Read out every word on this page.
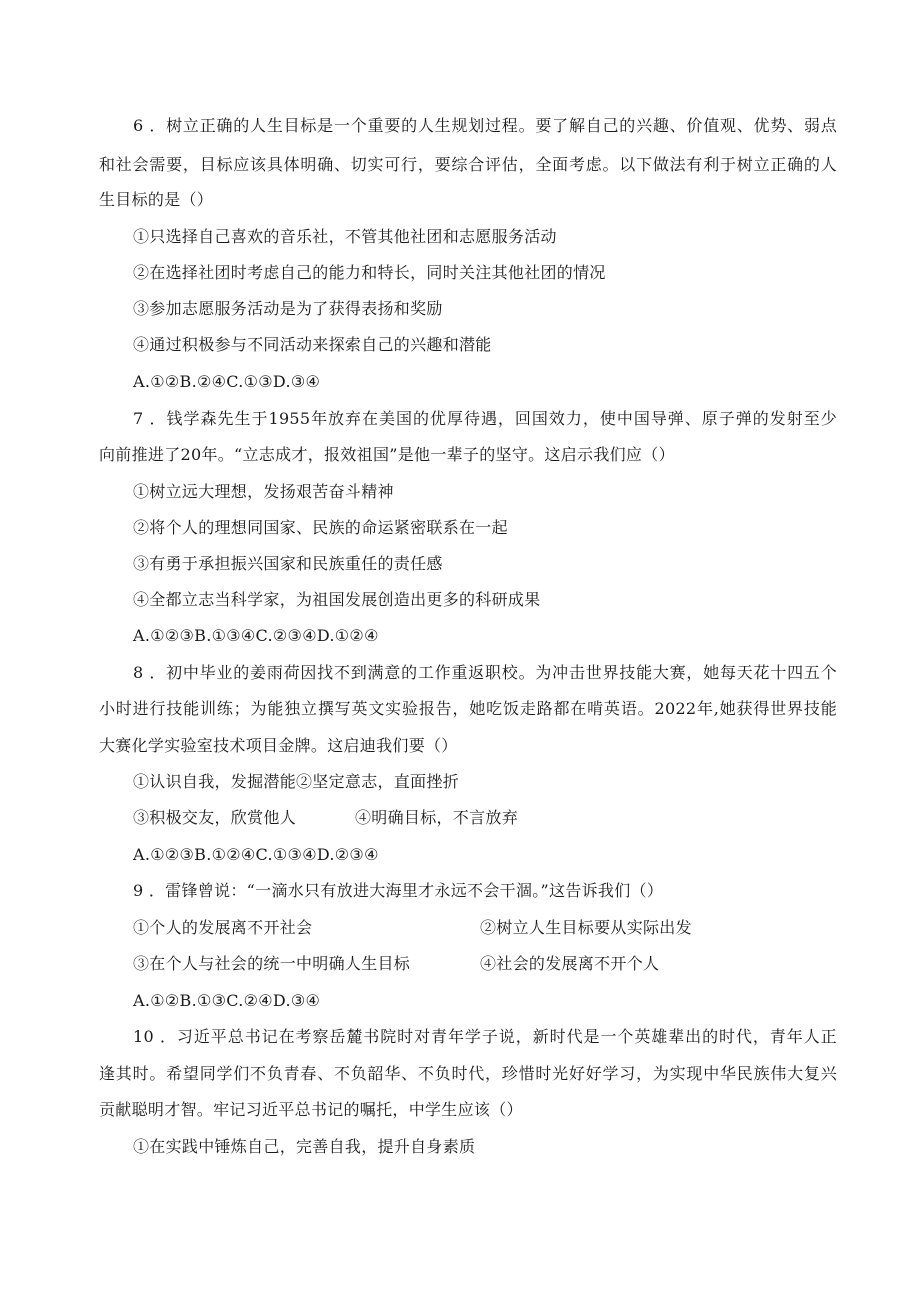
6 ．树立正确的人生目标是一个重要的人生规划过程。要了解自己的兴趣、价值观、优势、弱点
和社会需要，目标应该具体明确、切实可行，要综合评估，全面考虑。以下做法有利于树立正确的人
生目标的是（）
①只选择自己喜欢的音乐社，不管其他社团和志愿服务活动
②在选择社团时考虑自己的能力和特长，同时关注其他社团的情况
③参加志愿服务活动是为了获得表扬和奖励
④通过积极参与不同活动来探索自己的兴趣和潜能
A.①②B.②④C.①③D.③④
7 ．钱学森先生于1955年放弃在美国的优厚待遇，回国效力，使中国导弹、原子弹的发射至少
向前推进了20年。“立志成才，报效祖国”是他一辈子的坚守。这启示我们应（）
①树立远大理想，发扬艰苦奋斗精神
②将个人的理想同国家、民族的命运紧密联系在一起
③有勇于承担振兴国家和民族重任的责任感
④全都立志当科学家，为祖国发展创造出更多的科研成果
A.①②③B.①③④C.②③④D.①②④
8 ．初中毕业的姜雨荷因找不到满意的工作重返职校。为冲击世界技能大赛，她每天花十四五个
小时进行技能训练；为能独立撰写英文实验报告，她吃饭走路都在啃英语。2022年,她获得世界技能
大赛化学实验室技术项目金牌。这启迪我们要（）
①认识自我，发掘潜能②坚定意志，直面挫折
③积极交友，欣赏他人	④明确目标，不言放弃
A.①②③B.①②④C.①③④D.②③④
9 ．雷锋曾说：“一滴水只有放进大海里才永远不会干涸。”这告诉我们（）
①个人的发展离不开社会	②树立人生目标要从实际出发
③在个人与社会的统一中明确人生目标	④社会的发展离不开个人
A.①②B.①③C.②④D.③④
10 ．习近平总书记在考察岳麓书院时对青年学子说，新时代是一个英雄辈出的时代，青年人正
逢其时。希望同学们不负青春、不负韶华、不负时代，珍惜时光好好学习，为实现中华民族伟大复兴
贡献聪明才智。牢记习近平总书记的嘱托，中学生应该（）
①在实践中锤炼自己，完善自我，提升自身素质
